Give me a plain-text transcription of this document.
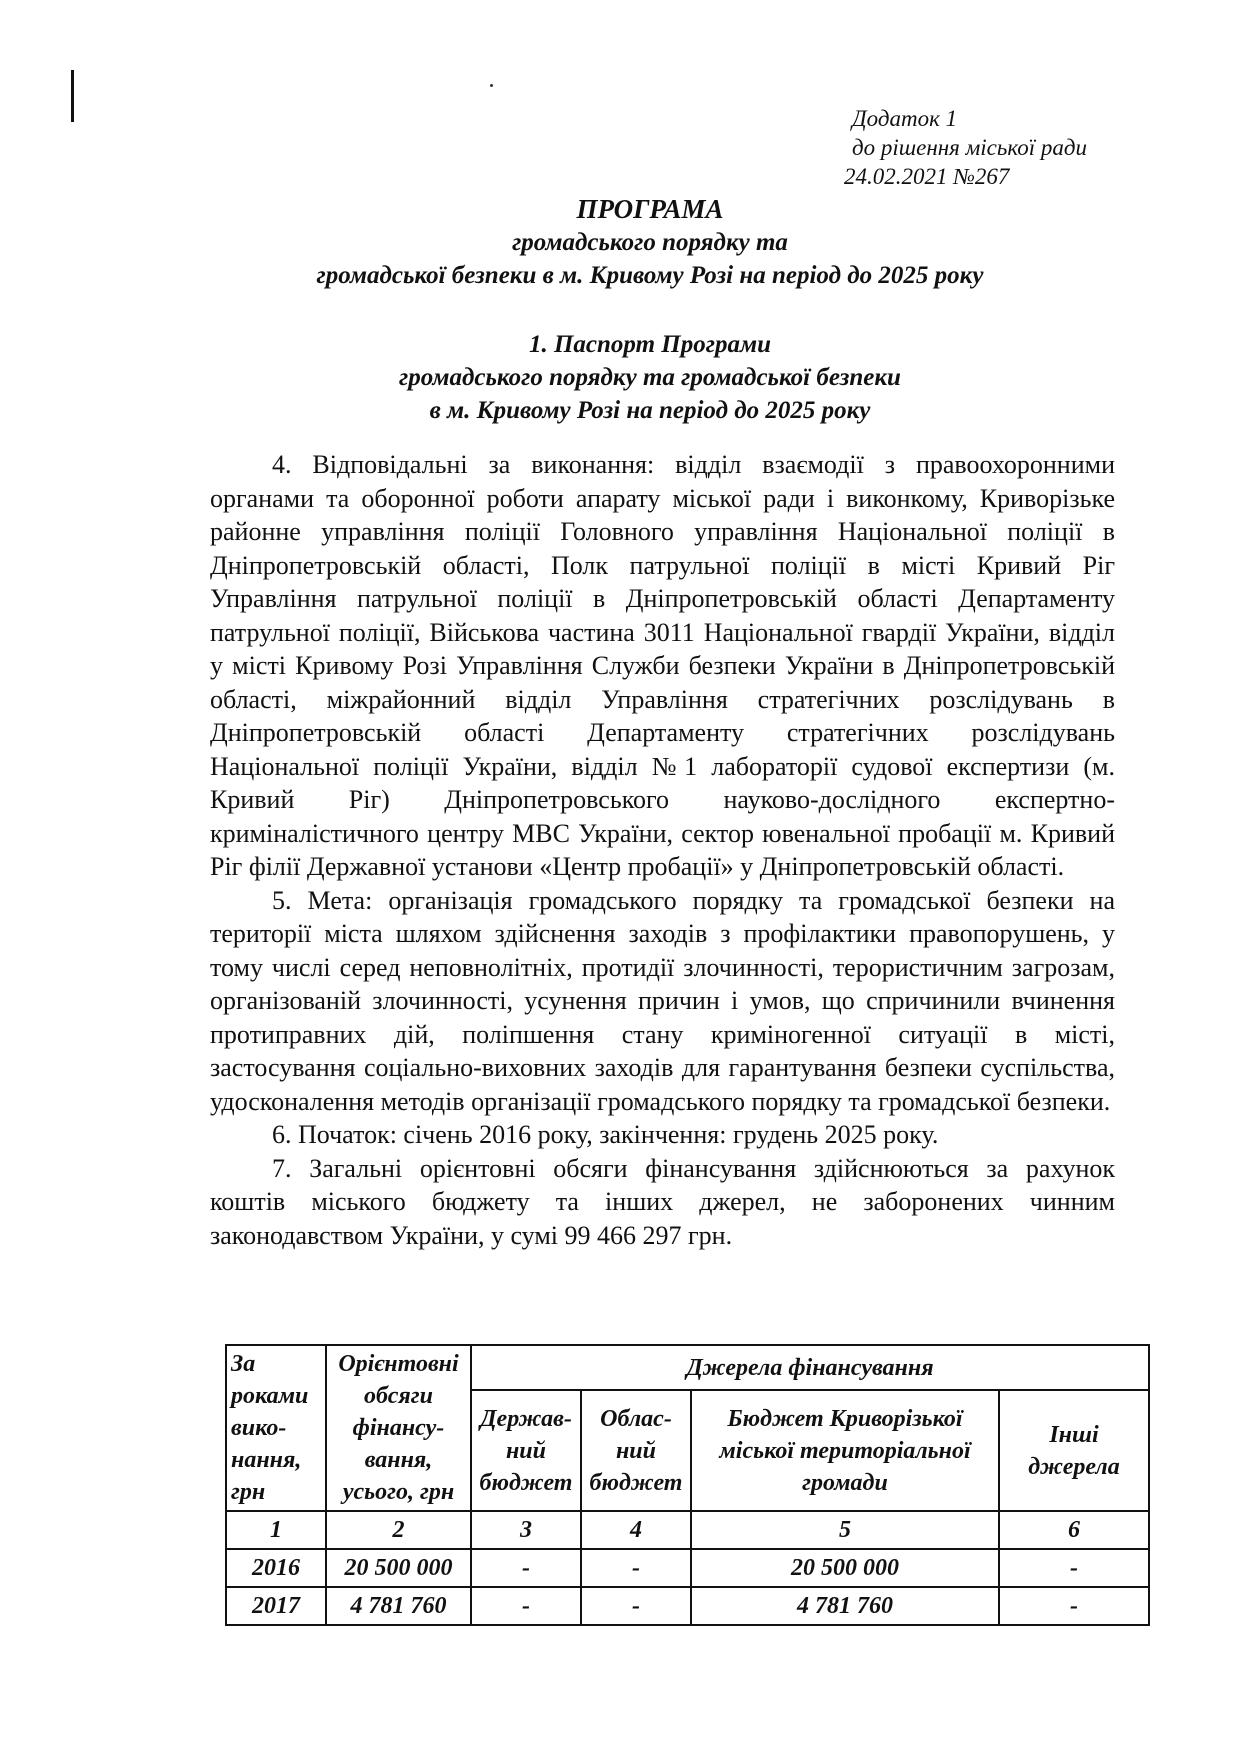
Додаток 1
до рішення міської ради
24.02.2021 №267
ПРОГРАМА
громадського порядку та
громадської безпеки в м. Кривому Розі на період до 2025 року
1. Паспорт Програми
громадського порядку та громадської безпеки
в м. Кривому Розі на період до 2025 року

4. Відповідальні за виконання: відділ взаємодії з правоохоронними органами та оборонної роботи апарату міської ради і виконкому, Криворізьке районне управління поліції Головного управління Національної поліції в Дніпропетровській області, Полк патрульної поліції в місті Кривий Ріг Управління патрульної поліції в Дніпропетровській області Департаменту патрульної поліції, Військова частина 3011 Національної гвардії України, відділ у місті Кривому Розі Управління Служби безпеки України в Дніпропетровській області, міжрайонний відділ Управління стратегічних розслідувань в Дніпропетровській області Департаменту стратегічних розслідувань Національної поліції України, відділ №1 лабораторії судової експертизи (м. Кривий Ріг) Дніпропетровського науково-дослідного експертно-криміналістичного центру МВС України, сектор ювенальної пробації м. Кривий Ріг філії Державної установи «Центр пробації» у Дніпропетровській області.

5. Мета: організація громадського порядку та громадської безпеки на території міста шляхом здійснення заходів з профілактики правопорушень, у тому числі серед неповнолітніх, протидії злочинності, терористичним загрозам, організованій злочинності, усунення причин і умов, що спричинили вчинення протиправних дій, поліпшення стану криміногенної ситуації в місті, застосування соціально-виховних заходів для гарантування безпеки суспільства, удосконалення методів організації громадського порядку та громадської безпеки.

6. Початок: січень 2016 року, закінчення: грудень 2025 року.

7. Загальні орієнтовні обсяги фінансування здійснюються за рахунок коштів міського бюджету та інших джерел, не заборонених чинним законодавством України, у сумі 99 466 297 грн.

За роками вико-нання, грн	Орієнтовні обсяги фінансу-вання, усього, грн	Джерела фінансування			
		Держав-ний бюджет	Облас-ний бюджет	Бюджет Криворізької міської територіальної громади	Інші джерела
1	2	3	4	5	6
2016	20 500 000	-	-	20 500 000	-
2017	4 781 760	-	-	4 781 760	-
